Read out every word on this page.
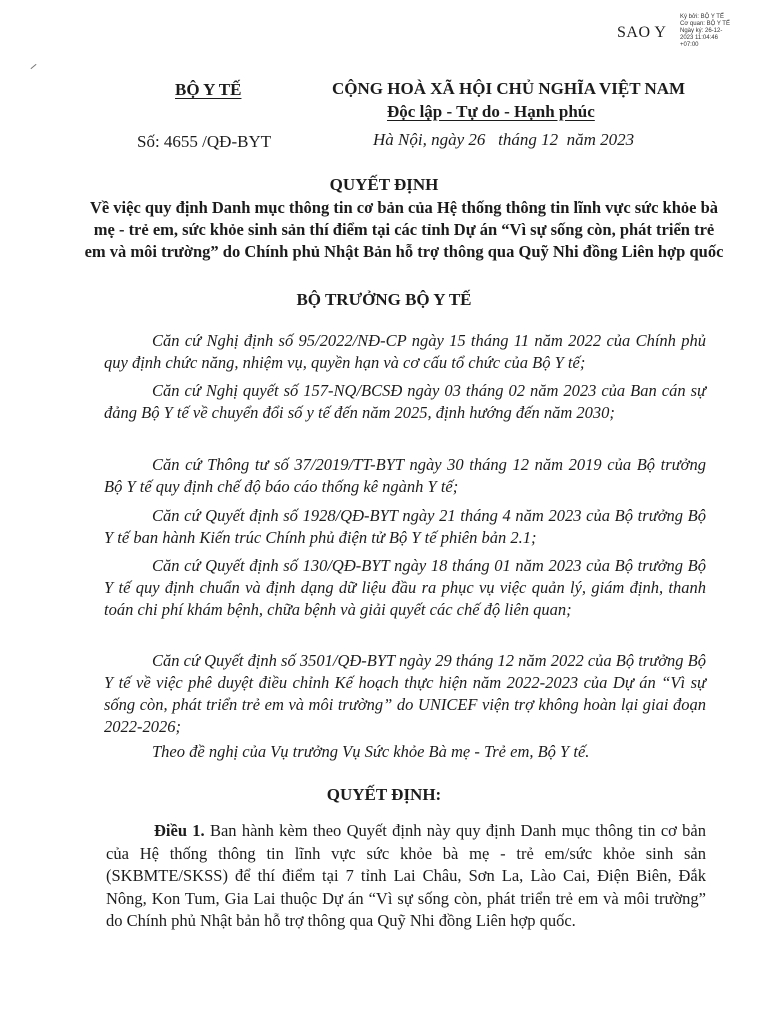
SAO Y
Ký bởi: BỘ Y TẾ
Cơ quan: BỘ Y TẾ
Ngày ký: 26-12-
2023 11:04:46
+07:00
BỘ Y TẾ	CỘNG HOÀ XÃ HỘI CHỦ NGHĨA VIỆT NAM
Độc lập - Tự do - Hạnh phúc
Số: 4655 /QĐ-BYT	Hà Nội, ngày 26   tháng 12  năm 2023
QUYẾT ĐỊNH
Về việc quy định Danh mục thông tin cơ bản của Hệ thống thông tin lĩnh vực sức khỏe bà mẹ - trẻ em, sức khỏe sinh sản thí điểm tại các tỉnh Dự án “Vì sự sống còn, phát triển trẻ em và môi trường” do Chính phủ Nhật Bản hỗ trợ thông qua Quỹ Nhi đồng Liên hợp quốc
BỘ TRƯỞNG BỘ Y TẾ

Căn cứ Nghị định số 95/2022/NĐ-CP ngày 15 tháng 11 năm 2022 của Chính phủ quy định chức năng, nhiệm vụ, quyền hạn và cơ cấu tổ chức của Bộ Y tế;

Căn cứ Nghị quyết số 157-NQ/BCSĐ ngày 03 tháng 02 năm 2023 của Ban cán sự đảng Bộ Y tế về chuyển đổi số y tế đến năm 2025, định hướng đến năm 2030;

Căn cứ Thông tư số 37/2019/TT-BYT ngày 30 tháng 12 năm 2019 của Bộ trưởng Bộ Y tế quy định chế độ báo cáo thống kê ngành Y tế;

Căn cứ Quyết định số 1928/QĐ-BYT ngày 21 tháng 4 năm 2023 của Bộ trưởng Bộ Y tế ban hành Kiến trúc Chính phủ điện tử Bộ Y tế phiên bản 2.1;

Căn cứ Quyết định số 130/QĐ-BYT ngày 18 tháng 01 năm 2023 của Bộ trưởng Bộ Y tế quy định chuẩn và định dạng dữ liệu đầu ra phục vụ việc quản lý, giám định, thanh toán chi phí khám bệnh, chữa bệnh và giải quyết các chế độ liên quan;

Căn cứ Quyết định số 3501/QĐ-BYT ngày 29 tháng 12 năm 2022 của Bộ trưởng Bộ Y tế về việc phê duyệt điều chỉnh Kế hoạch thực hiện năm 2022-2023 của Dự án “Vì sự sống còn, phát triển trẻ em và môi trường” do UNICEF viện trợ không hoàn lại giai đoạn 2022-2026;

Theo đề nghị của Vụ trưởng Vụ Sức khỏe Bà mẹ - Trẻ em, Bộ Y tế.

QUYẾT ĐỊNH:

Điều 1. Ban hành kèm theo Quyết định này quy định Danh mục thông tin cơ bản của Hệ thống thông tin lĩnh vực sức khỏe bà mẹ - trẻ em/sức khỏe sinh sản (SKBMTE/SKSS) để thí điểm tại 7 tỉnh Lai Châu, Sơn La, Lào Cai, Điện Biên, Đắk Nông, Kon Tum, Gia Lai thuộc Dự án “Vì sự sống còn, phát triển trẻ em và môi trường” do Chính phủ Nhật bản hỗ trợ thông qua Quỹ Nhi đồng Liên hợp quốc.
